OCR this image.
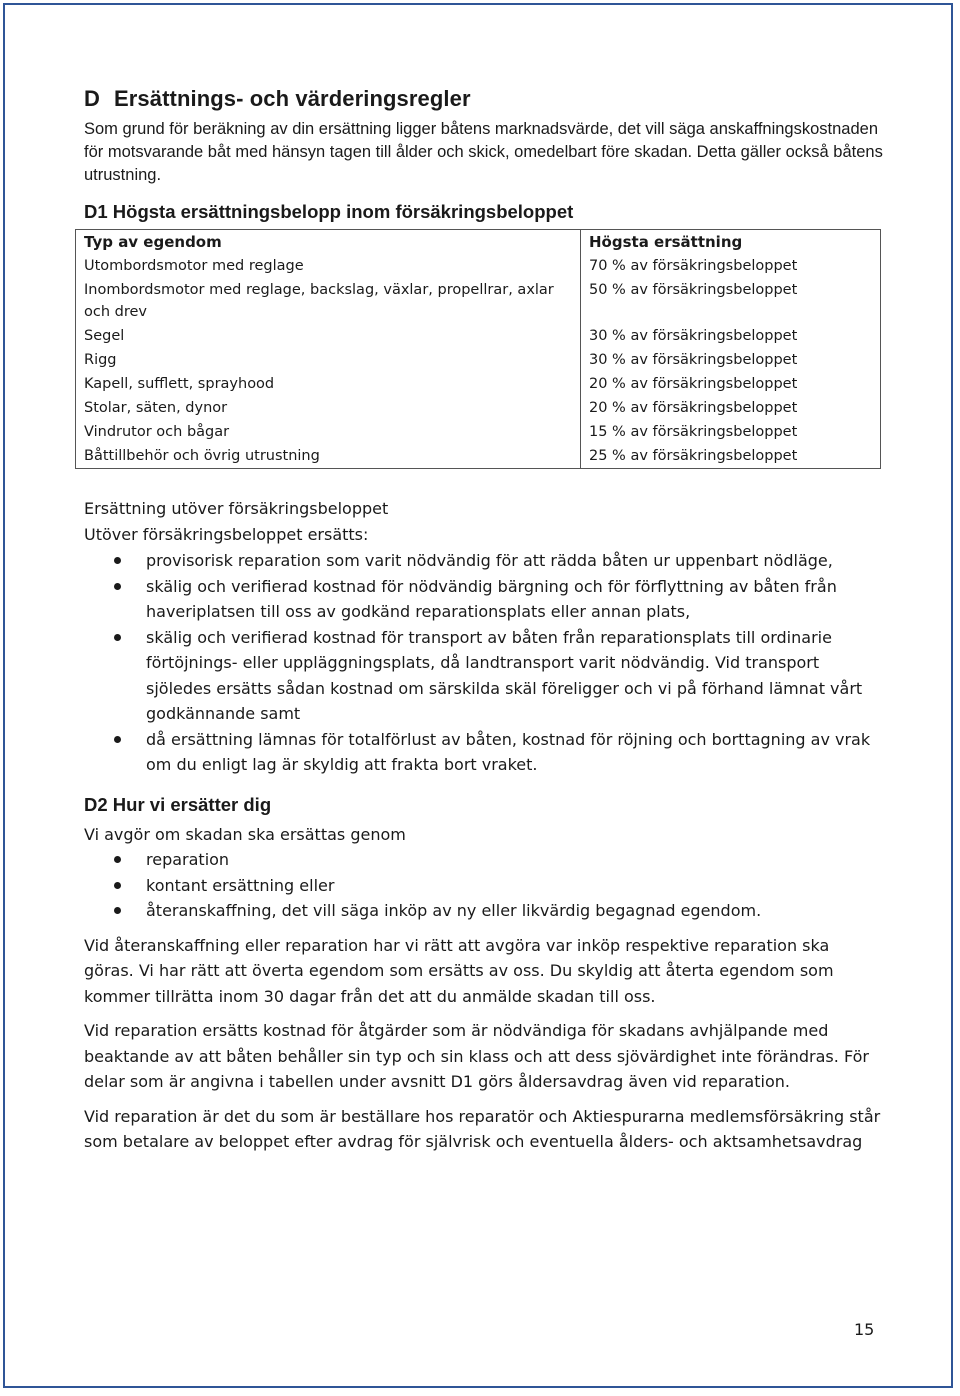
D Ersättnings- och värderingsregler

Som grund för beräkning av din ersättning ligger båtens marknadsvärde, det vill säga anskaffningskostnaden för motsvarande båt med hänsyn tagen till ålder och skick, omedelbart före skadan. Detta gäller också båtens utrustning.

D1 Högsta ersättningsbelopp inom försäkringsbeloppet
Typ av egendom	Högsta ersättning
Utombordsmotor med reglage	70 % av försäkringsbeloppet
Inombordsmotor med reglage, backslag, växlar, propellrar, axlar och drev	50 % av försäkringsbeloppet
Segel	30 % av försäkringsbeloppet
Rigg	30 % av försäkringsbeloppet
Kapell, sufflett, sprayhood	20 % av försäkringsbeloppet
Stolar, säten, dynor	20 % av försäkringsbeloppet
Vindrutor och bågar	15 % av försäkringsbeloppet
Båttillbehör och övrig utrustning	25 % av försäkringsbeloppet

Ersättning utöver försäkringsbeloppet

Utöver försäkringsbeloppet ersätts:

provisorisk reparation som varit nödvändig för att rädda båten ur uppenbart nödläge,
skälig och verifierad kostnad för nödvändig bärgning och för förflyttning av båten från haveriplatsen till oss av godkänd reparationsplats eller annan plats,
skälig och verifierad kostnad för transport av båten från reparationsplats till ordinarie förtöjnings- eller uppläggningsplats, då landtransport varit nödvändig. Vid transport sjöledes ersätts sådan kostnad om särskilda skäl föreligger och vi på förhand lämnat vårt godkännande samt
då ersättning lämnas för totalförlust av båten, kostnad för röjning och borttagning av vrak om du enligt lag är skyldig att frakta bort vraket.
D2 Hur vi ersätter dig

Vi avgör om skadan ska ersättas genom

reparation
kontant ersättning eller
återanskaffning, det vill säga inköp av ny eller likvärdig begagnad egendom.

Vid återanskaffning eller reparation har vi rätt att avgöra var inköp respektive reparation ska göras. Vi har rätt att överta egendom som ersätts av oss. Du skyldig att återta egendom som kommer tillrätta inom 30 dagar från det att du anmälde skadan till oss.

Vid reparation ersätts kostnad för åtgärder som är nödvändiga för skadans avhjälpande med beaktande av att båten behåller sin typ och sin klass och att dess sjövärdighet inte förändras. För delar som är angivna i tabellen under avsnitt D1 görs åldersavdrag även vid reparation.

Vid reparation är det du som är beställare hos reparatör och Aktiespurarna medlemsförsäkring står som betalare av beloppet efter avdrag för självrisk och eventuella ålders- och aktsamhetsavdrag

15
